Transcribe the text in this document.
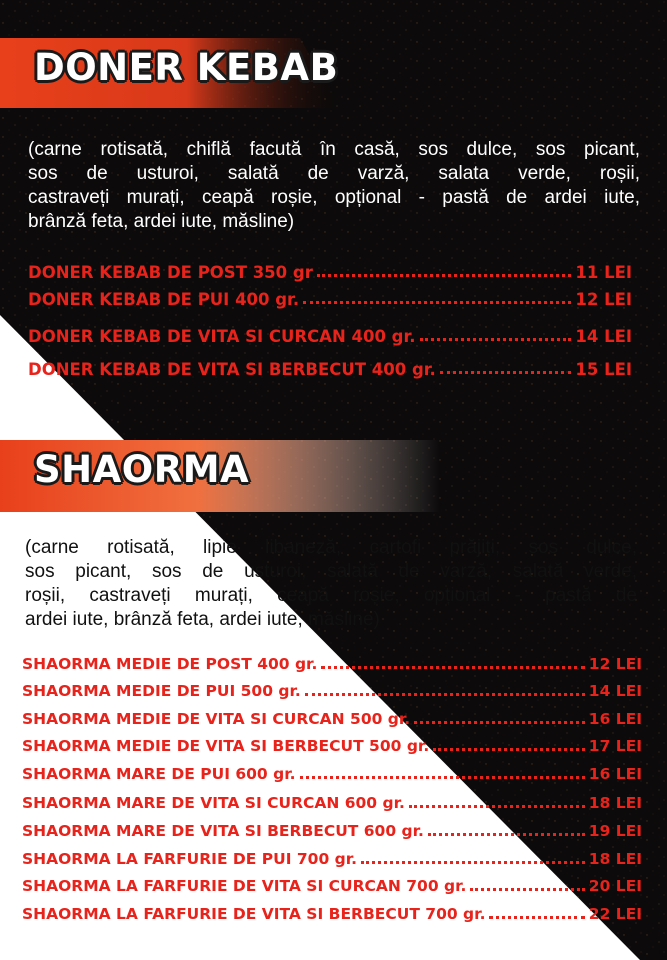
DONER KEBAB
(carne rotisată, chiflă facută în casă, sos dulce, sos picant,
sos de usturoi, salată de varză, salata verde, roșii,
castraveți murați, ceapă roșie, opțional - pastă de ardei iute,
brânză feta, ardei iute, măsline)
DONER KEBAB DE POST 350 gr	11 LEI
DONER KEBAB DE PUI 400 gr.	12 LEI
DONER KEBAB DE VITA SI CURCAN 400 gr.	14 LEI
DONER KEBAB DE VITA SI BERBECUT 400 gr.	15 LEI
SHAORMA
(carne rotisată, lipie libaneză, cartofi prăjiți, sos dulce,
sos picant, sos de usturoi, salată de varză, salată verde,
roșii, castraveți murați, ceapă roșie, opțional - pastă de
ardei iute, brânză feta, ardei iute, măsline)
SHAORMA MEDIE DE POST 400 gr.	12 LEI
SHAORMA MEDIE DE PUI 500 gr.	14 LEI
SHAORMA MEDIE DE VITA SI CURCAN 500 gr.	16 LEI
SHAORMA MEDIE DE VITA SI BERBECUT 500 gr.	17 LEI
SHAORMA MARE DE PUI 600 gr.	16 LEI
SHAORMA MARE DE VITA SI CURCAN 600 gr.	18 LEI
SHAORMA MARE DE VITA SI BERBECUT 600 gr.	19 LEI
SHAORMA LA FARFURIE DE PUI 700 gr.	18 LEI
SHAORMA LA FARFURIE DE VITA SI CURCAN 700 gr.	20 LEI
SHAORMA LA FARFURIE DE VITA SI BERBECUT 700 gr.	22 LEI
